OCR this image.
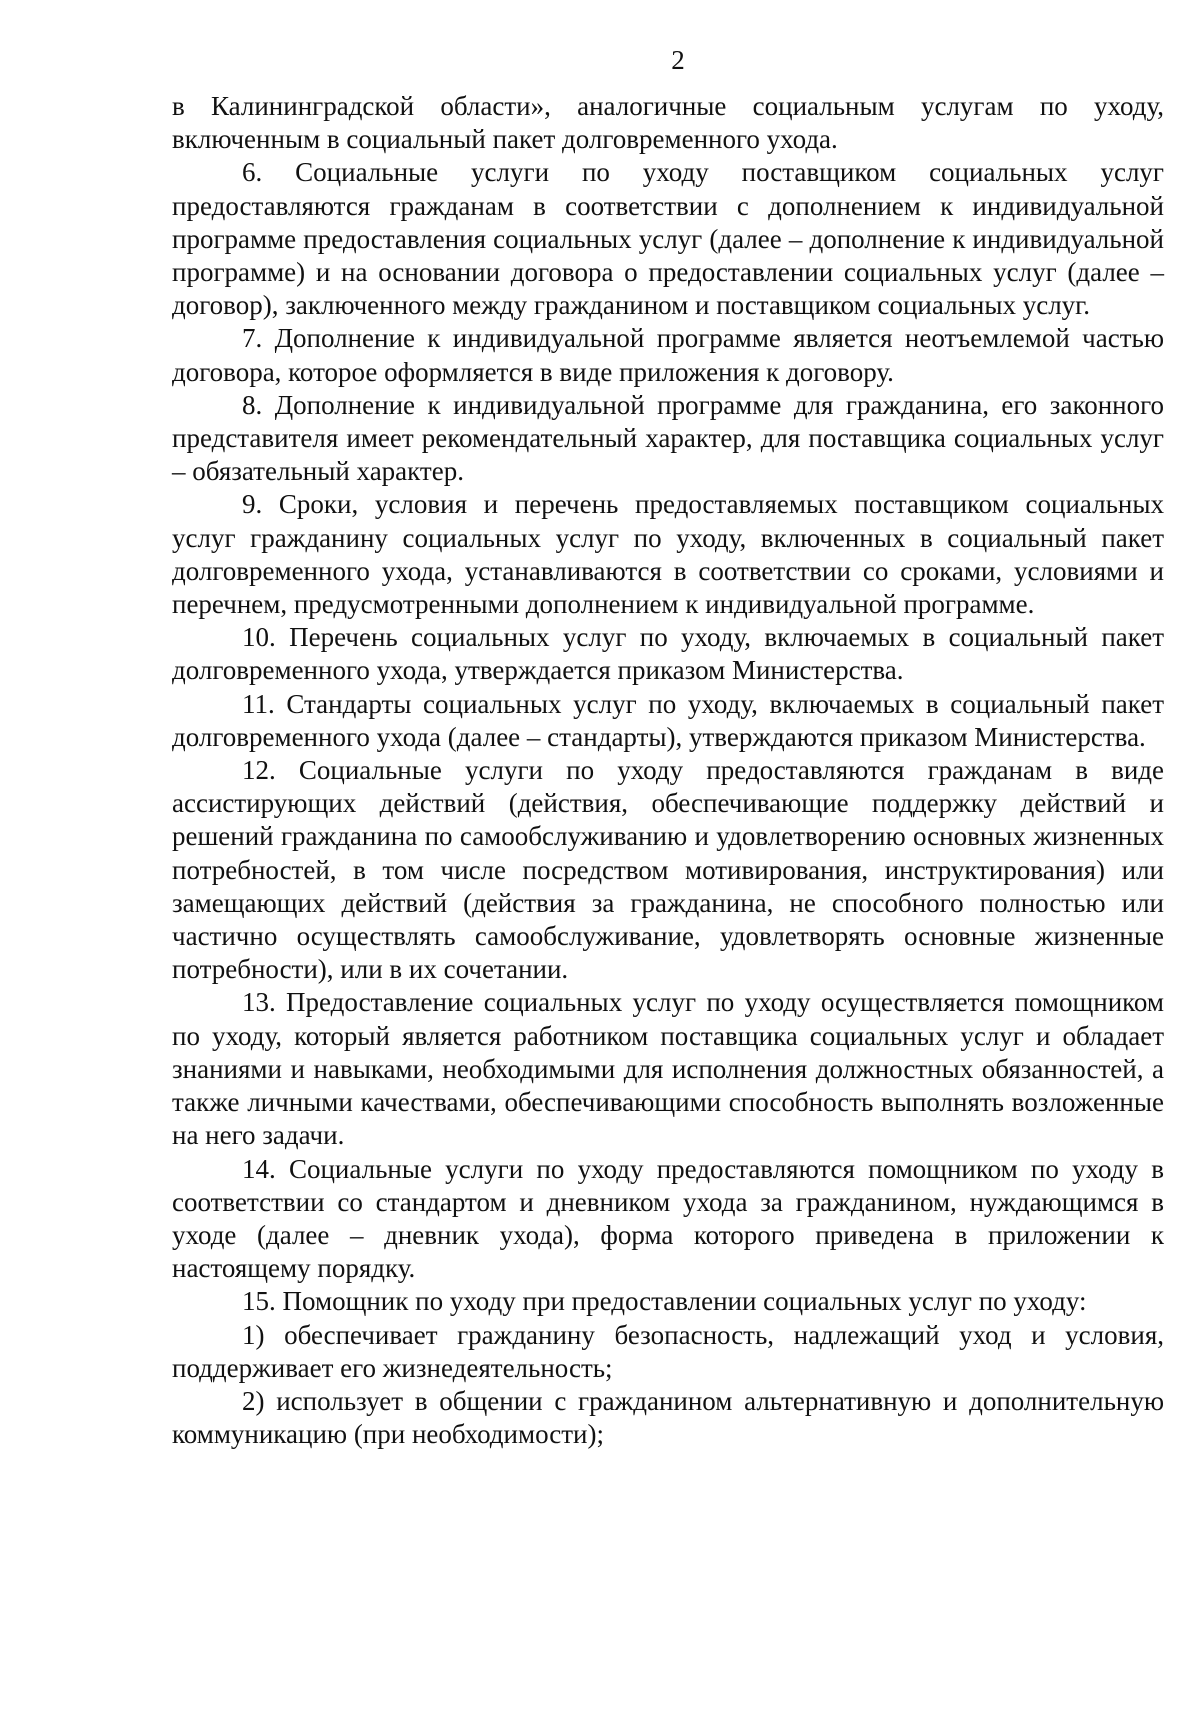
2

в Калининградской области», аналогичные социальным услугам по уходу, включенным в социальный пакет долговременного ухода.

6. Социальные услуги по уходу поставщиком социальных услуг предоставляются гражданам в соответствии с дополнением к индивидуальной программе предоставления социальных услуг (далее – дополнение к индивидуальной программе) и на основании договора о предоставлении социальных услуг (далее – договор), заключенного между гражданином и поставщиком социальных услуг.

7. Дополнение к индивидуальной программе является неотъемлемой частью договора, которое оформляется в виде приложения к договору.

8. Дополнение к индивидуальной программе для гражданина, его законного представителя имеет рекомендательный характер, для поставщика социальных услуг – обязательный характер.

9. Сроки, условия и перечень предоставляемых поставщиком социальных услуг гражданину социальных услуг по уходу, включенных в социальный пакет долговременного ухода, устанавливаются в соответствии со сроками, условиями и перечнем, предусмотренными дополнением к индивидуальной программе.

10. Перечень социальных услуг по уходу, включаемых в социальный пакет долговременного ухода, утверждается приказом Министерства.

11. Стандарты социальных услуг по уходу, включаемых в социальный пакет долговременного ухода (далее – стандарты), утверждаются приказом Министерства.

12. Социальные услуги по уходу предоставляются гражданам в виде ассистирующих действий (действия, обеспечивающие поддержку действий и решений гражданина по самообслуживанию и удовлетворению основных жизненных потребностей, в том числе посредством мотивирования, инструктирования) или замещающих действий (действия за гражданина, не способного полностью или частично осуществлять самообслуживание, удовлетворять основные жизненные потребности), или в их сочетании.

13. Предоставление социальных услуг по уходу осуществляется помощником по уходу, который является работником поставщика социальных услуг и обладает знаниями и навыками, необходимыми для исполнения должностных обязанностей, а также личными качествами, обеспечивающими способность выполнять возложенные на него задачи.

14. Социальные услуги по уходу предоставляются помощником по уходу в соответствии со стандартом и дневником ухода за гражданином, нуждающимся в уходе (далее – дневник ухода), форма которого приведена в приложении к настоящему порядку.

15. Помощник по уходу при предоставлении социальных услуг по уходу:

1) обеспечивает гражданину безопасность, надлежащий уход и условия, поддерживает его жизнедеятельность;

2) использует в общении с гражданином альтернативную и дополнительную коммуникацию (при необходимости);
